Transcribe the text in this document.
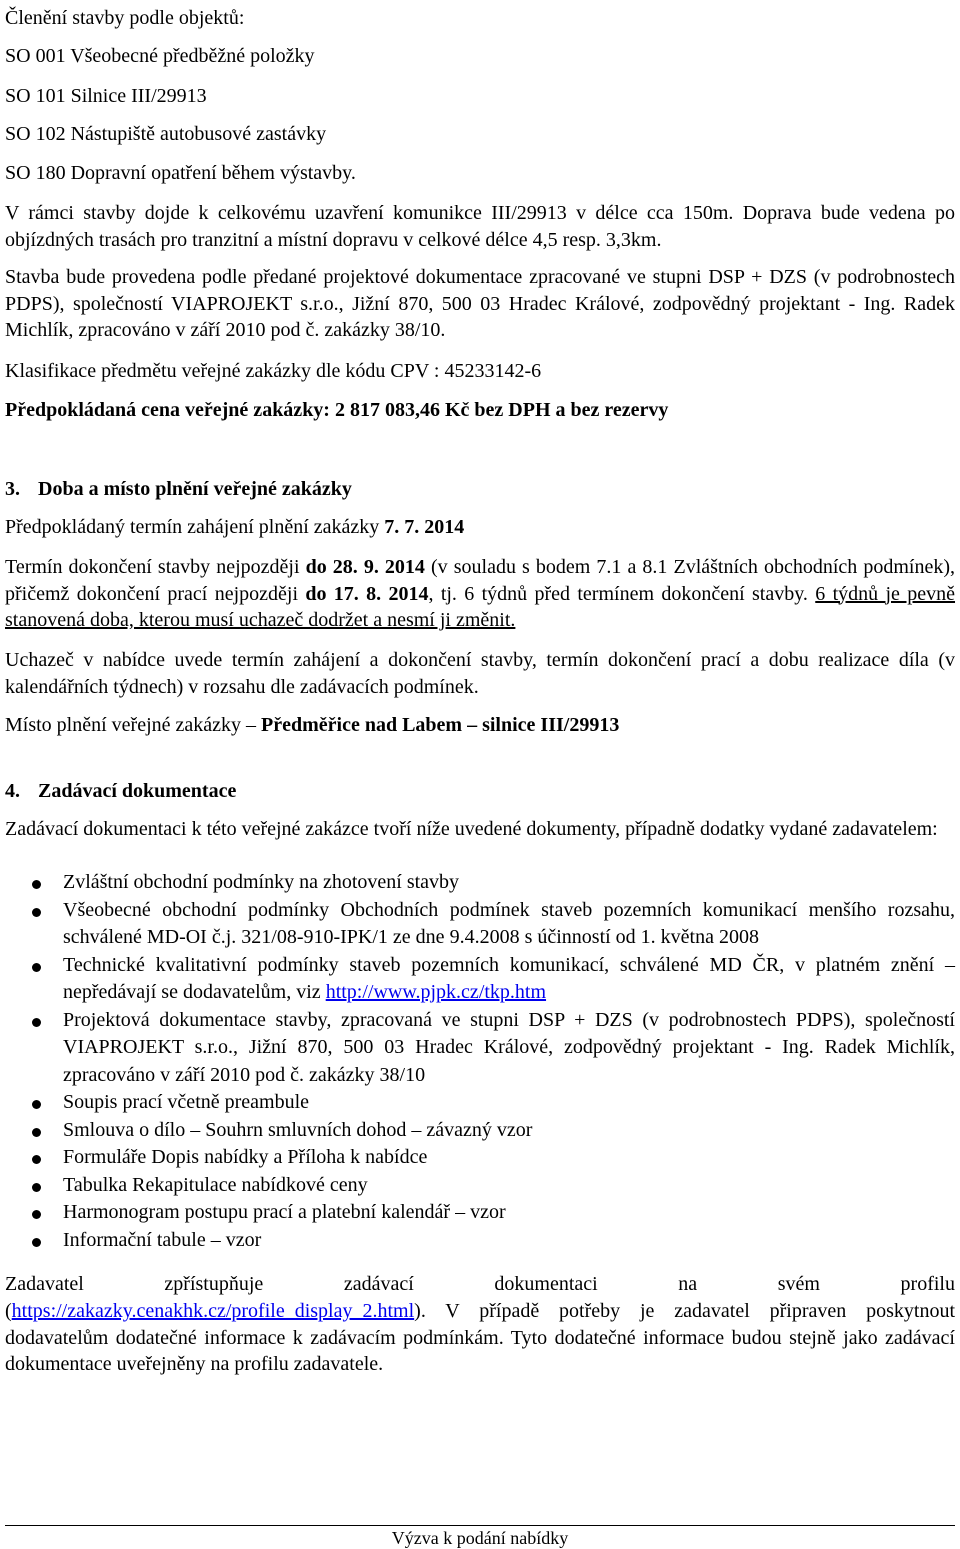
Členění stavby podle objektů:
SO 001 Všeobecné předběžné položky
SO 101 Silnice III/29913
SO 102 Nástupiště autobusové zastávky
SO 180 Dopravní opatření během výstavby.
V rámci stavby dojde k celkovému uzavření komunikce III/29913 v délce cca 150m. Doprava bude vedena po objízdných trasách pro tranzitní a místní dopravu v celkové délce 4,5 resp. 3,3km.
Stavba bude provedena podle předané projektové dokumentace zpracované ve stupni DSP + DZS (v podrobnostech PDPS), společností VIAPROJEKT s.r.o., Jižní 870, 500 03 Hradec Králové, zodpovědný projektant - Ing. Radek Michlík, zpracováno v září 2010 pod č. zakázky 38/10.
Klasifikace předmětu veřejné zakázky dle kódu CPV : 45233142-6
Předpokládaná cena veřejné zakázky: 2 817 083,46 Kč bez DPH a bez rezervy
3. Doba a místo plnění veřejné zakázky
Předpokládaný termín zahájení plnění zakázky 7. 7. 2014
Termín dokončení stavby nejpozději do 28. 9. 2014 (v souladu s bodem 7.1 a 8.1 Zvláštních obchodních podmínek), přičemž dokončení prací nejpozději do 17. 8. 2014, tj. 6 týdnů před termínem dokončení stavby. 6 týdnů je pevně stanovená doba, kterou musí uchazeč dodržet a nesmí ji změnit.
Uchazeč v nabídce uvede termín zahájení a dokončení stavby, termín dokončení prací a dobu realizace díla (v kalendářních týdnech) v rozsahu dle zadávacích podmínek.
Místo plnění veřejné zakázky – Předměřice nad Labem – silnice III/29913
4. Zadávací dokumentace
Zadávací dokumentaci k této veřejné zakázce tvoří níže uvedené dokumenty, případně dodatky vydané zadavatelem:
Zvláštní obchodní podmínky na zhotovení stavby
Všeobecné obchodní podmínky Obchodních podmínek staveb pozemních komunikací menšího rozsahu, schválené MD-OI č.j. 321/08-910-IPK/1 ze dne 9.4.2008 s účinností od 1. května 2008
Technické kvalitativní podmínky staveb pozemních komunikací, schválené MD ČR, v platném znění – nepředávají se dodavatelům, viz http://www.pjpk.cz/tkp.htm
Projektová dokumentace stavby, zpracovaná ve stupni DSP + DZS (v podrobnostech PDPS), společností VIAPROJEKT s.r.o., Jižní 870, 500 03 Hradec Králové, zodpovědný projektant - Ing. Radek Michlík, zpracováno v září 2010 pod č. zakázky 38/10
Soupis prací včetně preambule
Smlouva o dílo – Souhrn smluvních dohod – závazný vzor
Formuláře Dopis nabídky a Příloha k nabídce
Tabulka Rekapitulace nabídkové ceny
Harmonogram postupu prací a platební kalendář – vzor
Informační tabule – vzor
Zadavatel zpřístupňuje zadávací dokumentaci na svém profilu
(https://zakazky.cenakhk.cz/profile_display_2.html). V případě potřeby je zadavatel připraven poskytnout dodavatelům dodatečné informace k zadávacím podmínkám. Tyto dodatečné informace budou stejně jako zadávací dokumentace uveřejněny na profilu zadavatele.
Výzva k podání nabídky
